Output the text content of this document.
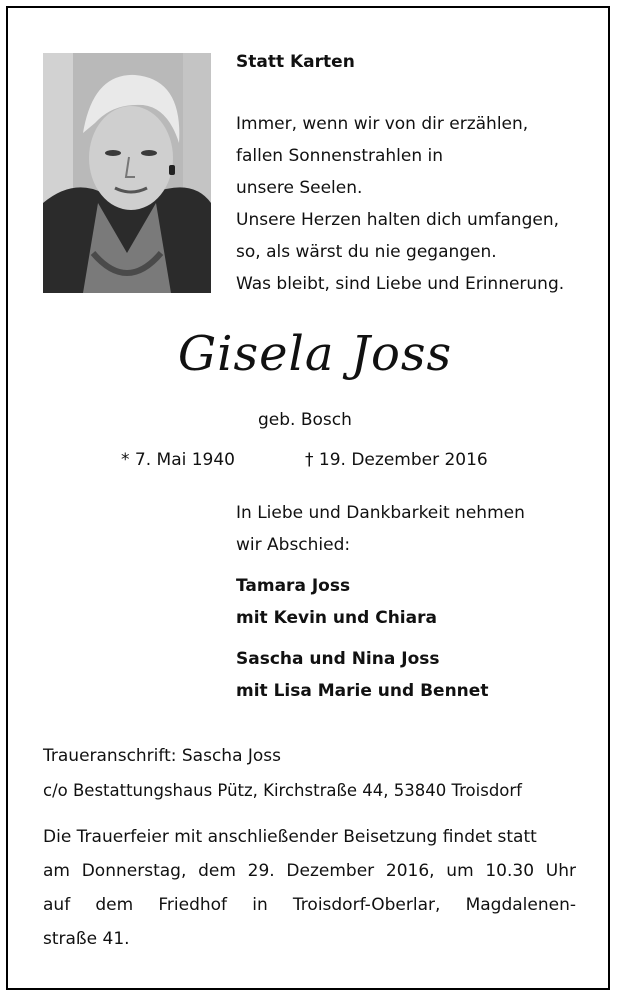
Statt Karten
Immer, wenn wir von dir erzählen,
fallen Sonnenstrahlen in
unsere Seelen.
Unsere Herzen halten dich umfangen,
so, als wärst du nie gegangen.
Was bleibt, sind Liebe und Erinnerung.
Gisela Joss
geb. Bosch
* 7. Mai 1940	† 19. Dezember 2016
In Liebe und Dankbarkeit nehmen
wir Abschied:
Tamara Joss
mit Kevin und Chiara
Sascha und Nina Joss
mit Lisa Marie und Bennet
Traueranschrift: Sascha Joss
c/o Bestattungshaus Pütz, Kirchstraße 44, 53840 Troisdorf
Die Trauerfeier mit anschließender Beisetzung findet statt
am Donnerstag, dem 29. Dezember 2016, um 10.30 Uhr
auf dem Friedhof in Troisdorf-Oberlar, Magdalenen-
straße 41.
